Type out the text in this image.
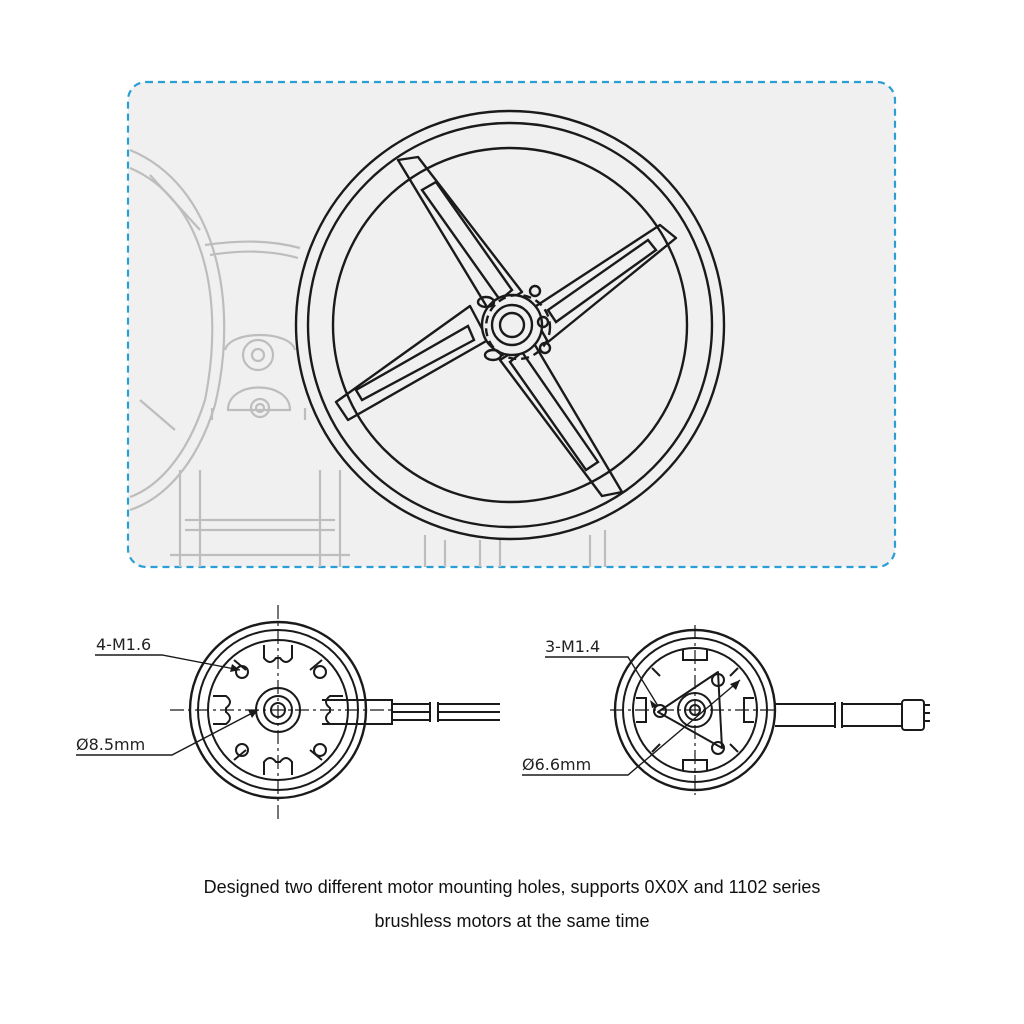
4-M1.6
Ø8.5mm
3-M1.4
Ø6.6mm
Designed two different motor mounting holes, supports 0X0X and 1102 series
brushless motors at the same time
